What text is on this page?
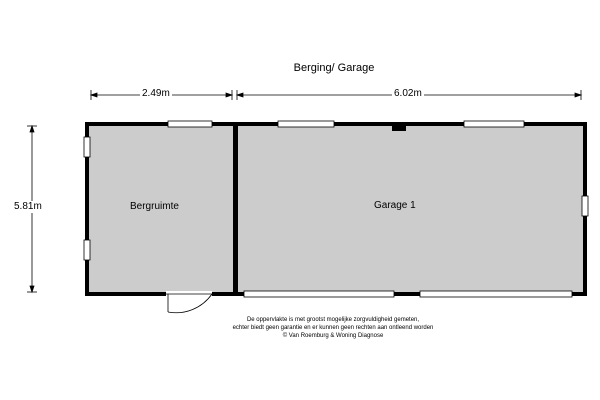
Berging/ Garage
2.49m	6.02m
5.81m	Bergruimte	Garage 1
De oppervlakte is met grootst mogelijke zorgvuldigheid gemeten,
echter biedt geen garantie en er kunnen geen rechten aan ontleend worden
© Van Roemburg & Woning Diagnose
